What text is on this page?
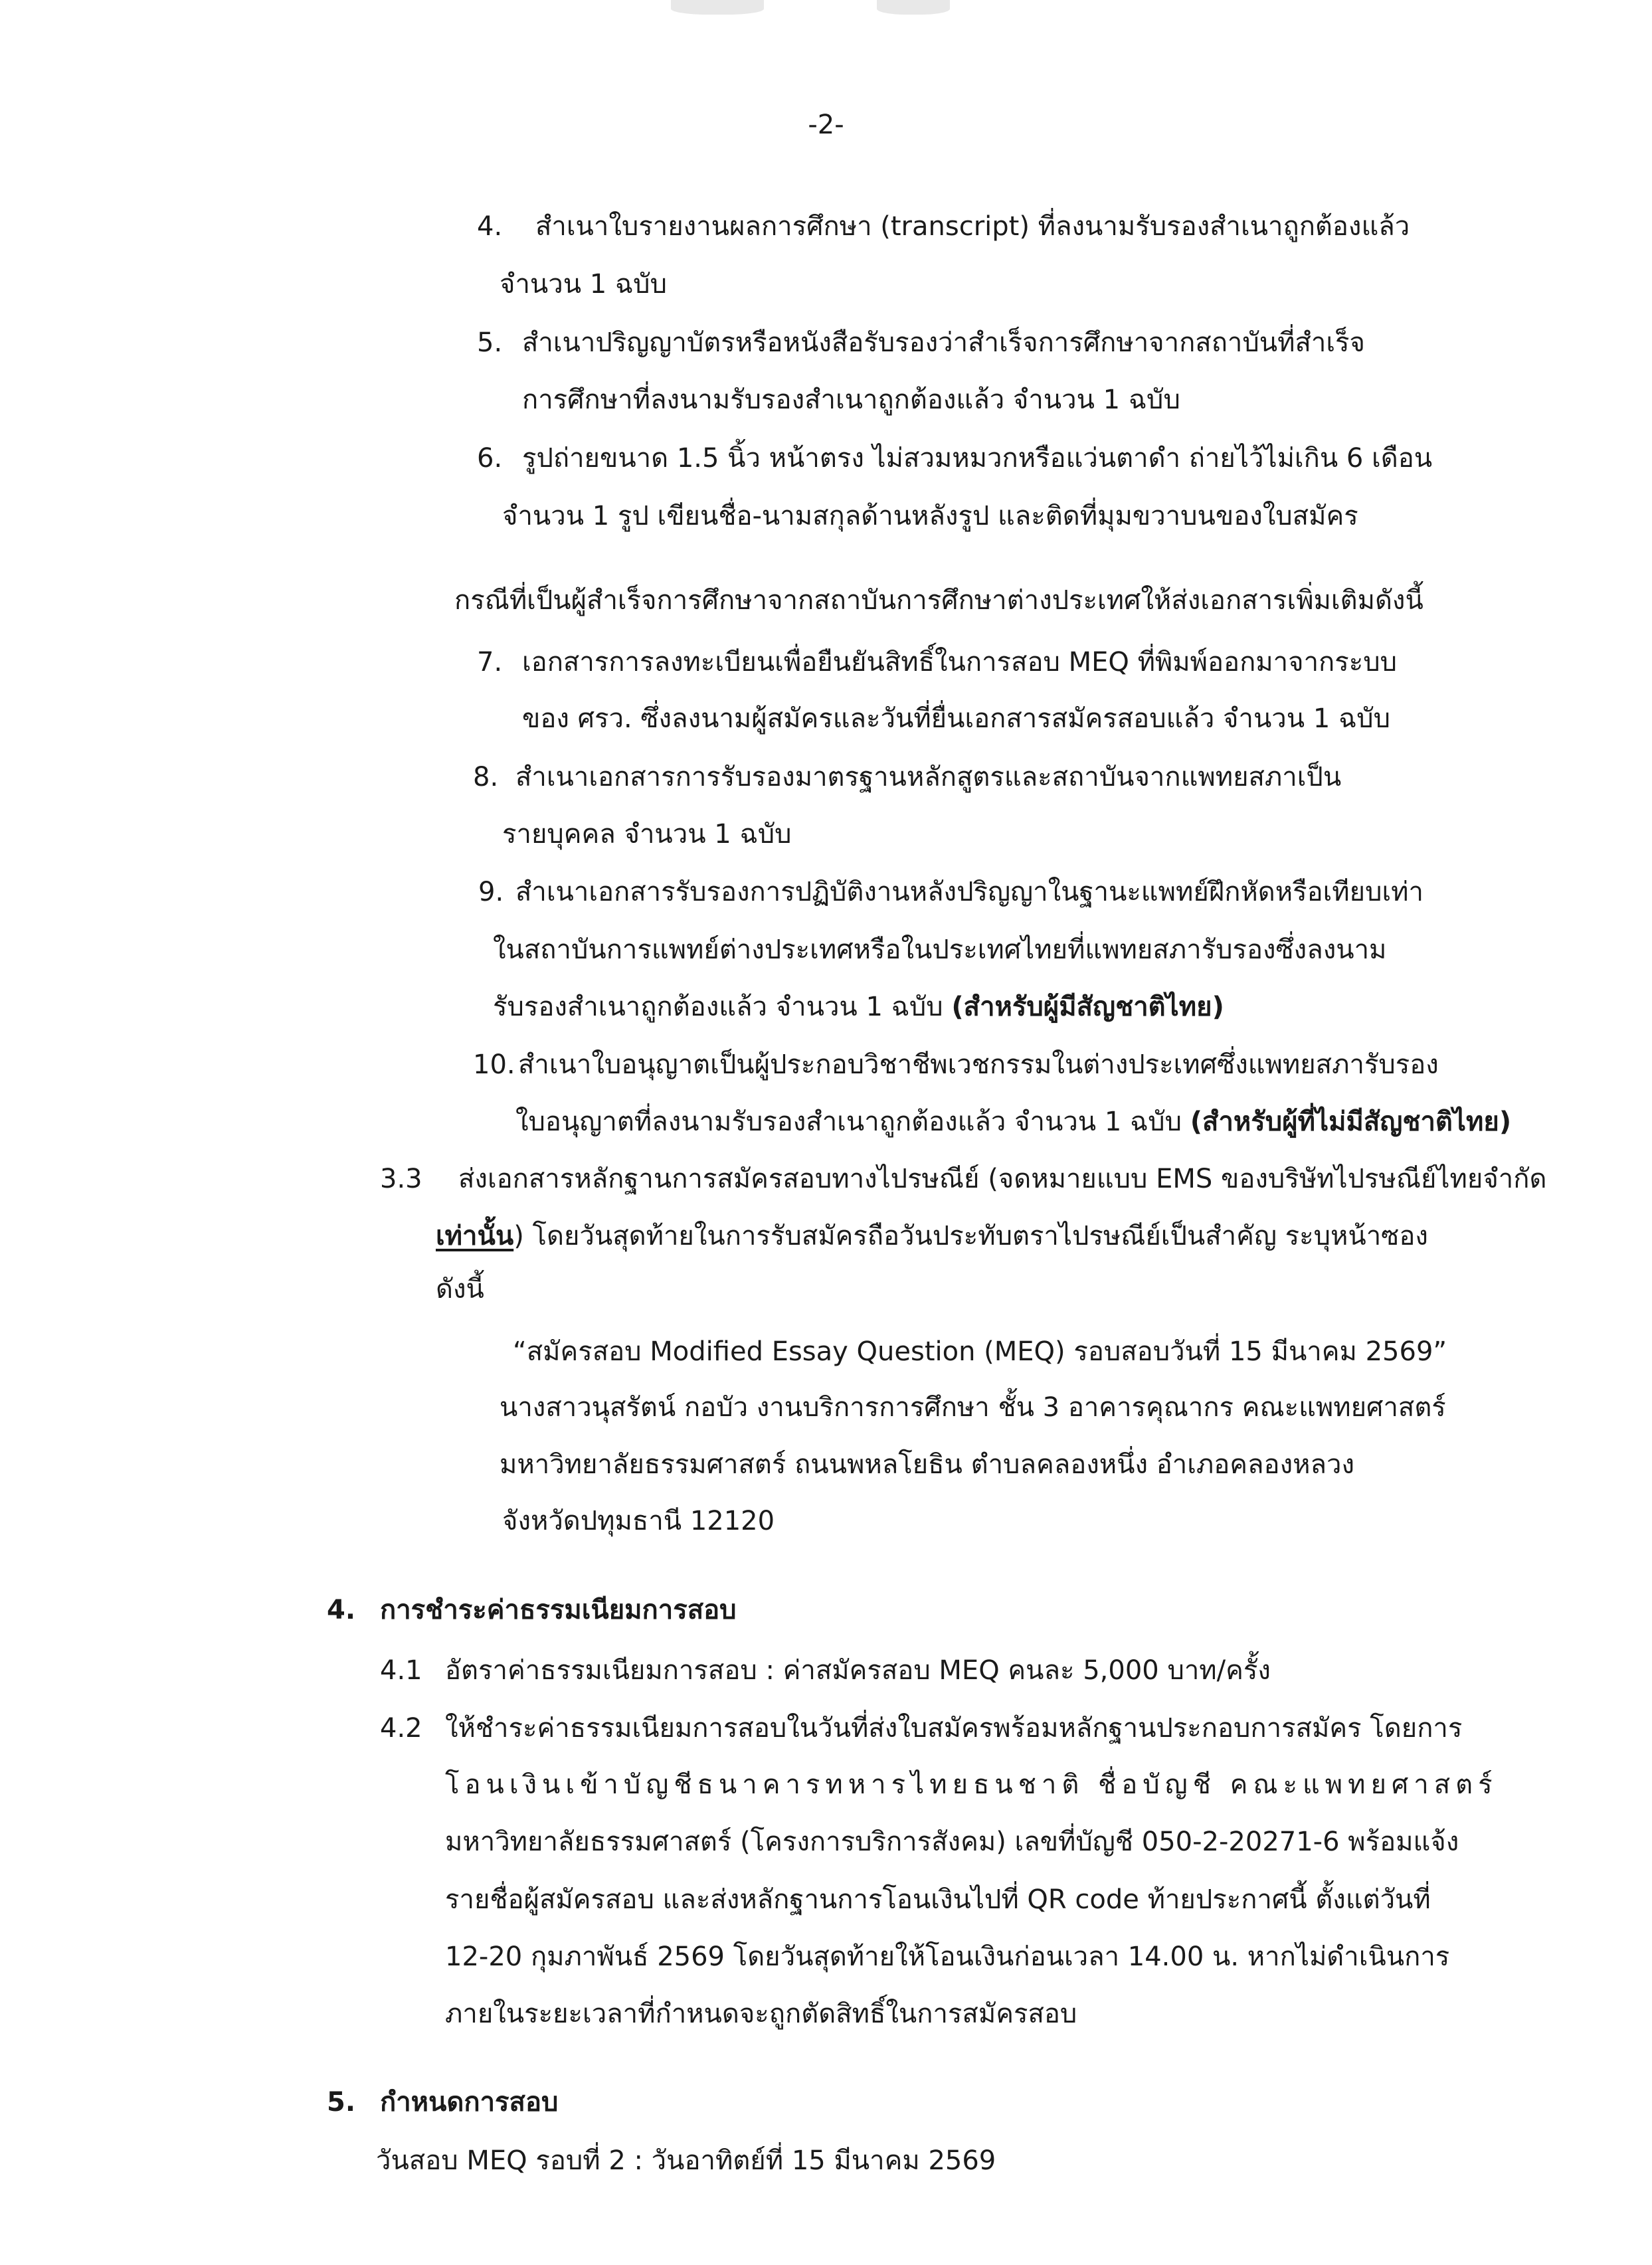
-2-
4. สำเนาใบรายงานผลการศึกษา (transcript) ที่ลงนามรับรองสำเนาถูกต้องแล้ว
จำนวน 1 ฉบับ
5. สำเนาปริญญาบัตรหรือหนังสือรับรองว่าสำเร็จการศึกษาจากสถาบันที่สำเร็จ
การศึกษาที่ลงนามรับรองสำเนาถูกต้องแล้ว จำนวน 1 ฉบับ
6. รูปถ่ายขนาด 1.5 นิ้ว หน้าตรง ไม่สวมหมวกหรือแว่นตาดำ ถ่ายไว้ไม่เกิน 6 เดือน
จำนวน 1 รูป เขียนชื่อ-นามสกุลด้านหลังรูป และติดที่มุมขวาบนของใบสมัคร
กรณีที่เป็นผู้สำเร็จการศึกษาจากสถาบันการศึกษาต่างประเทศให้ส่งเอกสารเพิ่มเติมดังนี้
7. เอกสารการลงทะเบียนเพื่อยืนยันสิทธิ์ในการสอบ MEQ ที่พิมพ์ออกมาจากระบบ
ของ ศรว. ซึ่งลงนามผู้สมัครและวันที่ยื่นเอกสารสมัครสอบแล้ว จำนวน 1 ฉบับ
8. สำเนาเอกสารการรับรองมาตรฐานหลักสูตรและสถาบันจากแพทยสภาเป็น
รายบุคคล จำนวน 1 ฉบับ
9. สำเนาเอกสารรับรองการปฏิบัติงานหลังปริญญาในฐานะแพทย์ฝึกหัดหรือเทียบเท่า
ในสถาบันการแพทย์ต่างประเทศหรือในประเทศไทยที่แพทยสภารับรองซึ่งลงนาม
รับรองสำเนาถูกต้องแล้ว จำนวน 1 ฉบับ (สำหรับผู้มีสัญชาติไทย)
10. สำเนาใบอนุญาตเป็นผู้ประกอบวิชาชีพเวชกรรมในต่างประเทศซึ่งแพทยสภารับรอง
ใบอนุญาตที่ลงนามรับรองสำเนาถูกต้องแล้ว จำนวน 1 ฉบับ (สำหรับผู้ที่ไม่มีสัญชาติไทย)
3.3 ส่งเอกสารหลักฐานการสมัครสอบทางไปรษณีย์ (จดหมายแบบ EMS ของบริษัทไปรษณีย์ไทยจำกัด
เท่านั้น) โดยวันสุดท้ายในการรับสมัครถือวันประทับตราไปรษณีย์เป็นสำคัญ ระบุหน้าซอง
ดังนี้
“สมัครสอบ Modified Essay Question (MEQ) รอบสอบวันที่ 15 มีนาคม 2569”
นางสาวนุสรัตน์ กอบัว งานบริการการศึกษา ชั้น 3 อาคารคุณากร คณะแพทยศาสตร์
มหาวิทยาลัยธรรมศาสตร์ ถนนพหลโยธิน ตำบลคลองหนึ่ง อำเภอคลองหลวง
จังหวัดปทุมธานี 12120
4. การชำระค่าธรรมเนียมการสอบ
4.1 อัตราค่าธรรมเนียมการสอบ : ค่าสมัครสอบ MEQ คนละ 5,000 บาท/ครั้ง
4.2 ให้ชำระค่าธรรมเนียมการสอบในวันที่ส่งใบสมัครพร้อมหลักฐานประกอบการสมัคร โดยการ
โอนเงินเข้าบัญชีธนาคารทหารไทยธนชาติ ชื่อบัญชี คณะแพทยศาสตร์
มหาวิทยาลัยธรรมศาสตร์ (โครงการบริการสังคม) เลขที่บัญชี 050-2-20271-6 พร้อมแจ้ง
รายชื่อผู้สมัครสอบ และส่งหลักฐานการโอนเงินไปที่ QR code ท้ายประกาศนี้ ตั้งแต่วันที่
12-20 กุมภาพันธ์ 2569 โดยวันสุดท้ายให้โอนเงินก่อนเวลา 14.00 น. หากไม่ดำเนินการ
ภายในระยะเวลาที่กำหนดจะถูกตัดสิทธิ์ในการสมัครสอบ
5. กำหนดการสอบ
วันสอบ MEQ รอบที่ 2 : วันอาทิตย์ที่ 15 มีนาคม 2569
